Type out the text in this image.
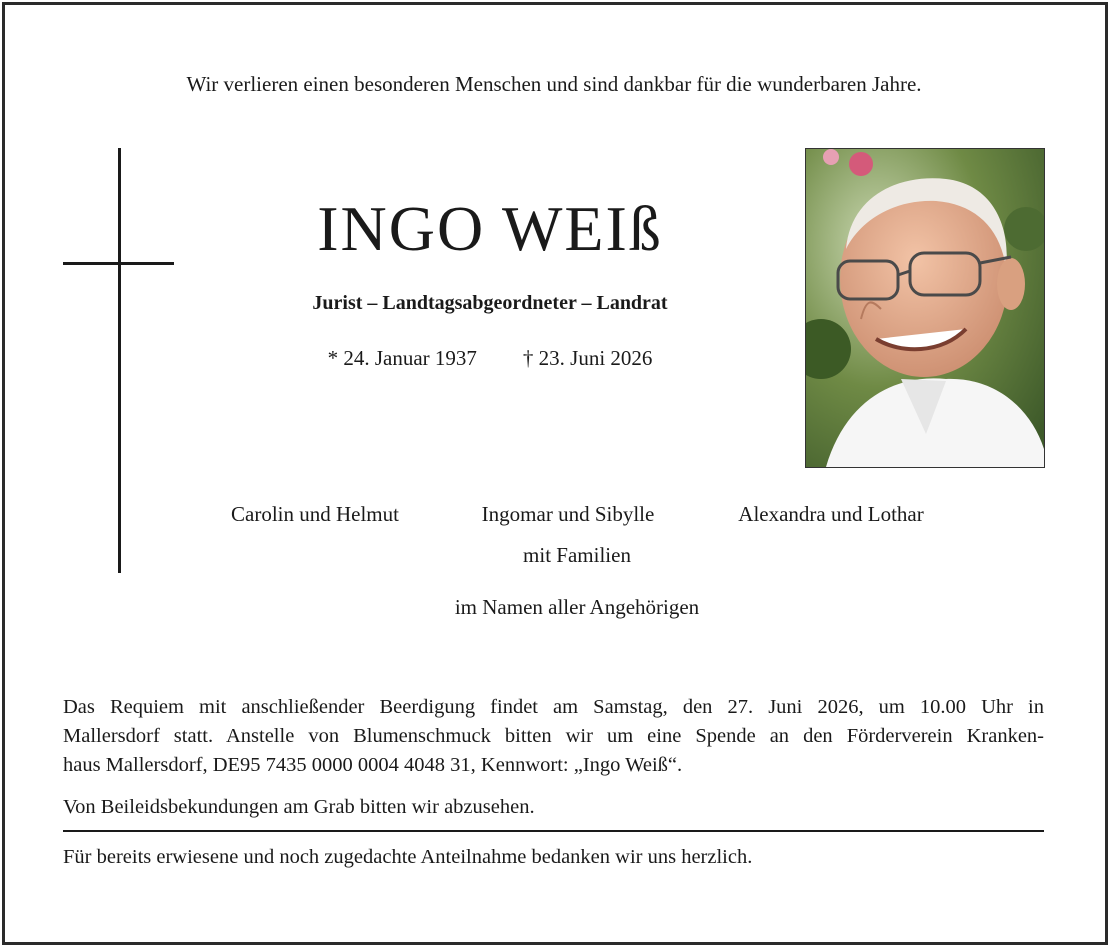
Wir verlieren einen besonderen Menschen und sind dankbar für die wunderbaren Jahre.
INGO WEIß
Jurist – Landtagsabgeordneter – Landrat
* 24. Januar 1937 † 23. Juni 2026
Carolin und Helmut	Ingomar und Sibylle	Alexandra und Lothar
mit Familien
im Namen aller Angehörigen
Das Requiem mit anschließender Beerdigung findet am Samstag, den 27. Juni 2026, um 10.00 Uhr in
Mallersdorf statt. Anstelle von Blumenschmuck bitten wir um eine Spende an den Förderverein Kranken-
haus Mallersdorf, DE95 7435 0000 0004 4048 31, Kennwort: „Ingo Weiß“.
Von Beileidsbekundungen am Grab bitten wir abzusehen.
Für bereits erwiesene und noch zugedachte Anteilnahme bedanken wir uns herzlich.
